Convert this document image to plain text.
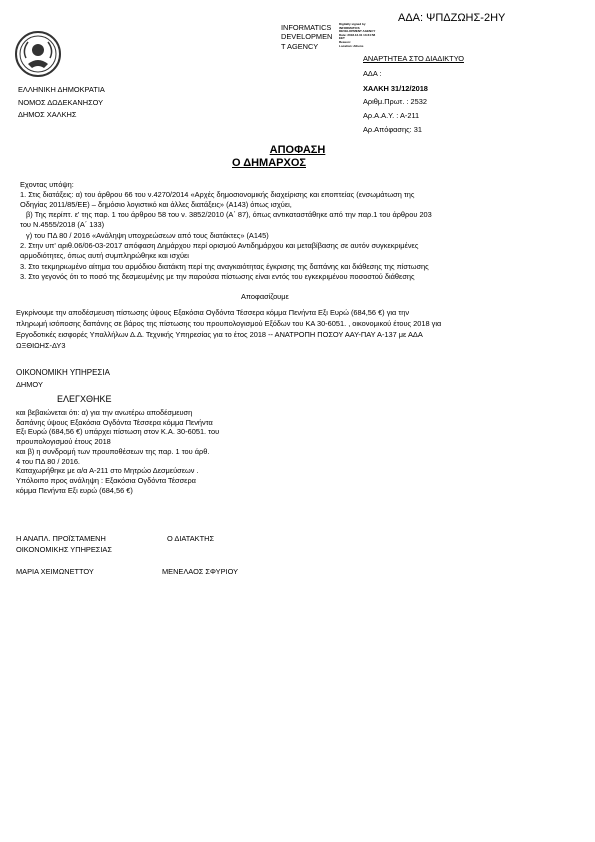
ΑΔΑ: ΨΠΔΖΩΗΣ-2ΗΥ
INFORMATICS
DEVELOPMEN
T AGENCY
Digitally signed by
INFORMATICS
DEVELOPMENT AGENCY
Date: 2018.12.31 13:34:58
EET
Reason:
Location: Athens
ΑΝΑΡΤΗΤΕΑ ΣΤΟ ΔΙΑΔΙΚΤΥΟ
ΕΛΛΗΝΙΚΗ ΔΗΜΟΚΡΑΤΙΑ
ΝΟΜΟΣ ΔΩΔΕΚΑΝΗΣΟΥ
ΔΗΜΟΣ ΧΑΛΚΗΣ
ΑΔΑ :
ΧΑΛΚΗ 31/12/2018
Αριθμ.Πρωτ. : 2532
Αρ.Α.Α.Υ. : Α-211
Αρ.Απόφασης: 31
ΑΠΟΦΑΣΗ
Ο ΔΗΜΑΡΧΟΣ
Εχοντας υπόψη:
1. Στις διατάξεις: α) του άρθρου 66 του ν.4270/2014 «Αρχές δημοσιονομικής διαχείρισης και εποπτείας (ενσωμάτωση της
Οδηγίας 2011/85/ΕΕ) – δημόσιο λογιστικό και άλλες διατάξεις» (Α143) όπως ισχύει,
β) Της περίπτ. ε' της παρ. 1 του άρθρου 58 του ν. 3852/2010 (Α΄ 87), όπως αντικαταστάθηκε από την παρ.1 του άρθρου 203
του Ν.4555/2018 (Α΄ 133)
γ) του ΠΔ 80 / 2016 «Ανάληψη υποχρεώσεων από τους διατάκτες» (Α145)
2. Στην υπ' αριθ.06/06-03-2017 απόφαση Δημάρχου περί ορισμού Αντιδημάρχου και μεταβίβασης σε αυτόν συγκεκριμένες
αρμοδιότητες, όπως αυτή συμπληρώθηκε και ισχύει
3. Στο τεκμηριωμένο αίτημα του αρμόδιου διατάκτη περί της αναγκαιότητας έγκρισης της δαπάνης και διάθεσης της πίστωσης
3. Στο γεγονός ότι το ποσό της δεσμευμένης με την παρούσα πίστωσης είναι εντός του εγκεκριμένου ποσοστού διάθεσης
Αποφασίζουμε
Εγκρίνουμε την αποδέσμευση πίστωσης ύψους Εξακόσια Ογδόντα Τέσσερα κόμμα Πενήντα Εξι Ευρώ (684,56 €) για την
πληρωμή ισόποσης δαπάνης σε βάρος της πίστωσης του προυπολογισμού Εξόδων του ΚΑ 30-6051. , οικονομικού έτους 2018 για
Εργοδοτικές εισφορές Υπαλλήλων Δ.Δ. Τεχνικής Υπηρεσίας για το έτος 2018 -- ΑΝΑΤΡΟΠΗ ΠΟΣΟΥ ΑΑΥ-ΠΑΥ Α-137 με ΑΔΑ
ΩΞΘΙΩΗΣ-ΔΥ3
ΟΙΚΟΝΟΜΙΚΗ ΥΠΗΡΕΣΙΑ
ΔΗΜΟΥ
ΕΛΕΓΧΘΗΚΕ
και βεβαιώνεται ότι: α) για την ανωτέρω αποδέσμευση
δαπάνης ύψους Εξακόσια Ογδόντα Τέσσερα κόμμα Πενήντα
Εξι Ευρώ (684,56 €) υπάρχει πίστωση στον Κ.Α. 30-6051. του
προυπολογισμού έτους 2018
και β) η συνδρομή των προυποθέσεων της παρ. 1 του άρθ.
4 του ΠΔ 80 / 2016.
Καταχωρήθηκε με α/α Α-211 στο Μητρώο Δεσμεύσεων .
Υπόλοιπο προς ανάληψη : Εξακόσια Ογδόντα Τέσσερα
κόμμα Πενήντα Εξι ευρώ (684,56 €)
Η ΑΝΑΠΛ. ΠΡΟΪΣΤΑΜΕΝΗ
ΟΙΚΟΝΟΜΙΚΗΣ ΥΠΗΡΕΣΙΑΣ
Ο ΔΙΑΤΑΚΤΗΣ
ΜΑΡΙΑ ΧΕΙΜΩΝΕΤΤΟΥ	ΜΕΝΕΛΑΟΣ ΣΦΥΡΙΟΥ
